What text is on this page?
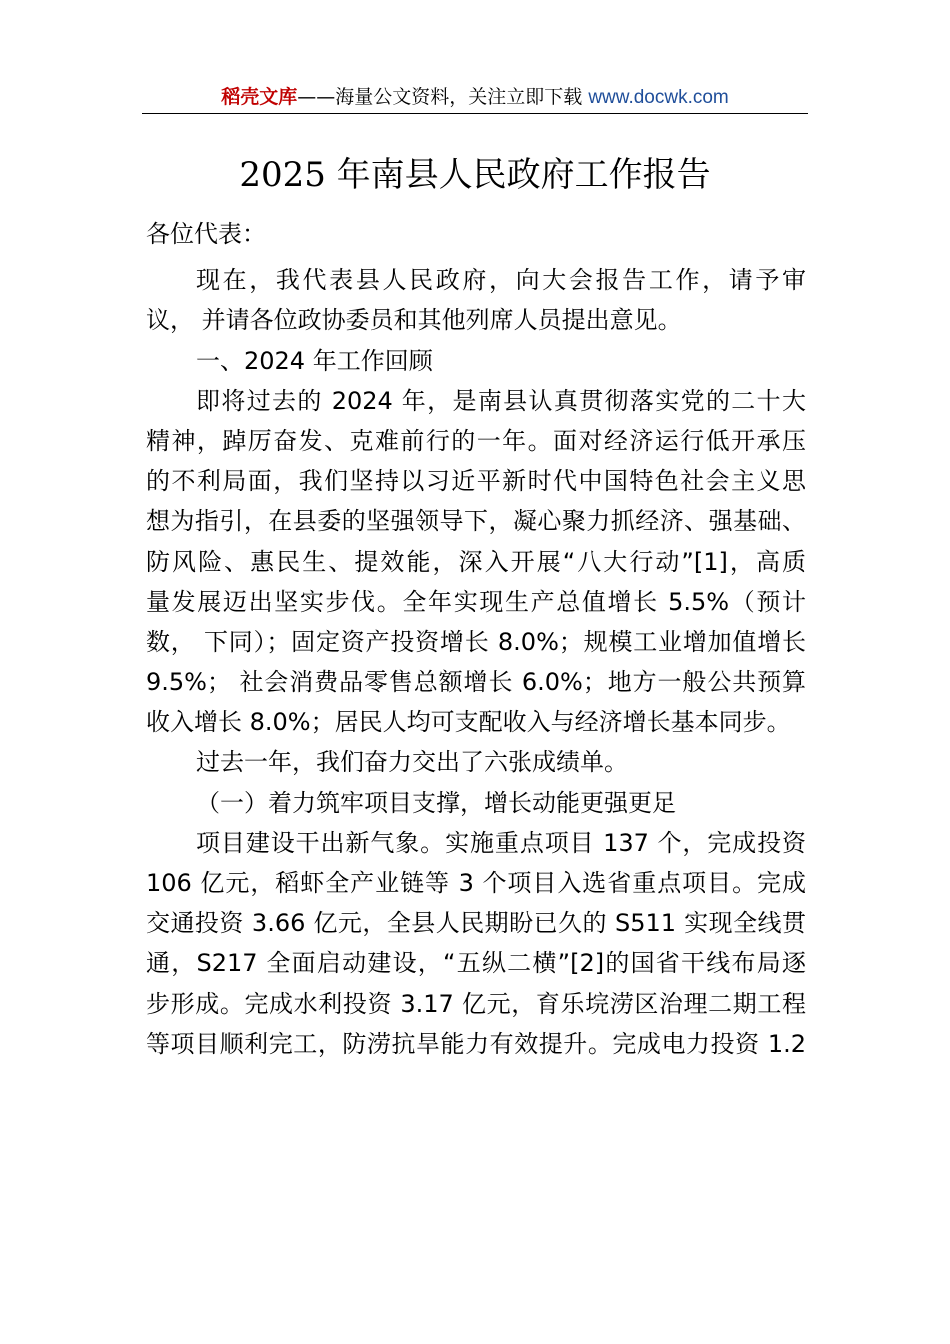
稻壳文库——海量公文资料，关注立即下载 www.docwk.com
2025 年南县人民政府工作报告
各位代表：
现在，我代表县人民政府，向大会报告工作，请予审
议， 并请各位政协委员和其他列席人员提出意见。
一、2024 年工作回顾
即将过去的 2024 年，是南县认真贯彻落实党的二十大
精神，踔厉奋发、克难前行的一年。面对经济运行低开承压
的不利局面，我们坚持以习近平新时代中国特色社会主义思
想为指引，在县委的坚强领导下，凝心聚力抓经济、强基础、
防风险、惠民生、提效能，深入开展“八大行动”[1]，高质
量发展迈出坚实步伐。全年实现生产总值增长 5.5%（预计
数， 下同）；固定资产投资增长 8.0%；规模工业增加值增长
9.5%； 社会消费品零售总额增长 6.0%；地方一般公共预算
收入增长 8.0%；居民人均可支配收入与经济增长基本同步。
过去一年，我们奋力交出了六张成绩单。
（一）着力筑牢项目支撑，增长动能更强更足
项目建设干出新气象。实施重点项目 137 个，完成投资
106 亿元，稻虾全产业链等 3 个项目入选省重点项目。完成
交通投资 3.66 亿元，全县人民期盼已久的 S511 实现全线贯
通，S217 全面启动建设，“五纵二横”[2]的国省干线布局逐
步形成。完成水利投资 3.17 亿元，育乐垸涝区治理二期工程
等项目顺利完工，防涝抗旱能力有效提升。完成电力投资 1.2
